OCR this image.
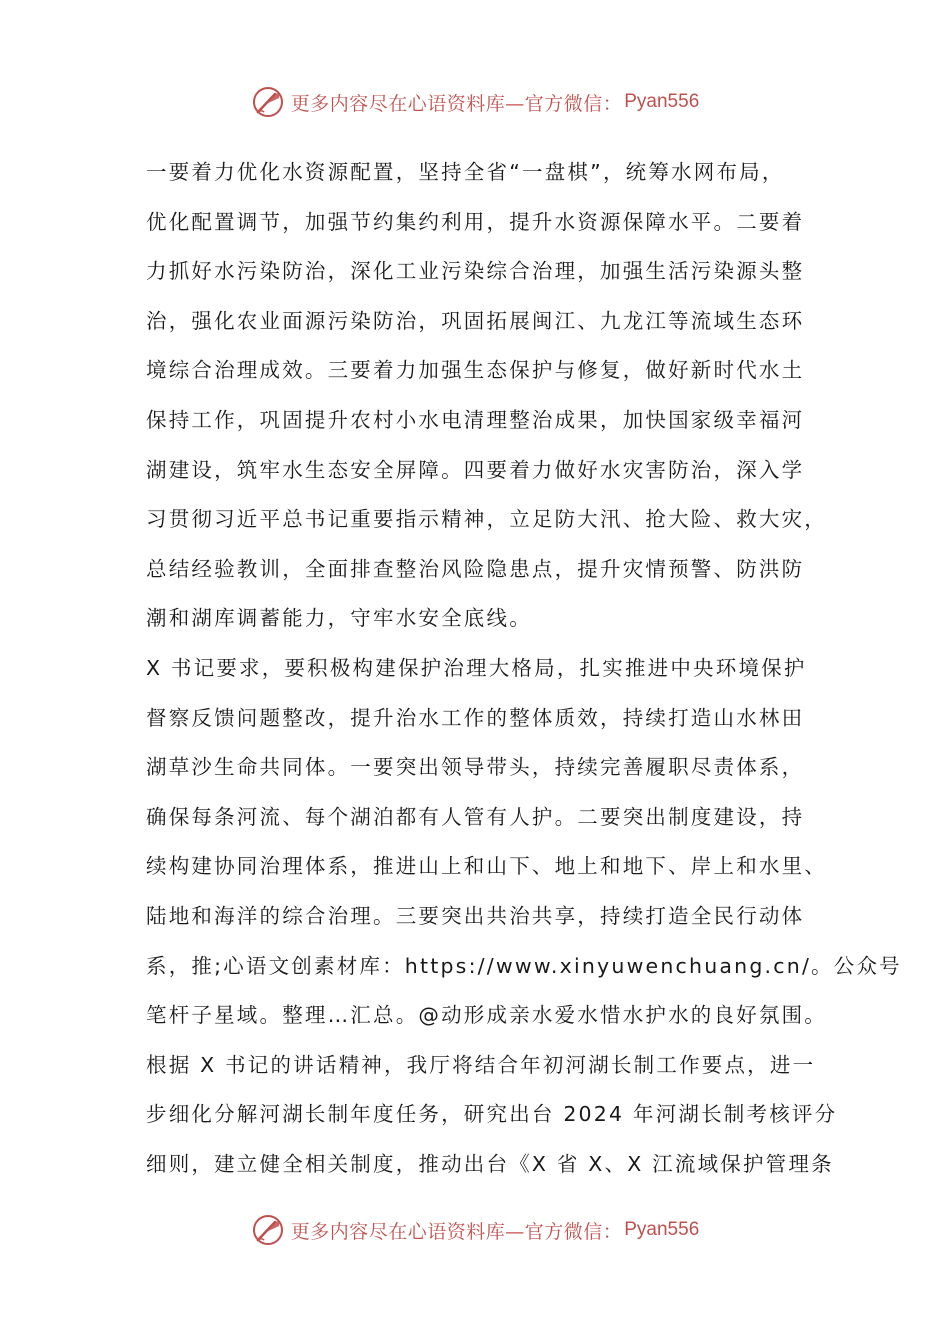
更多内容尽在心语资料库—官方微信： Pyan556
一要着力优化水资源配置，坚持全省“一盘棋”，统筹水网布局，
优化配置调节，加强节约集约利用，提升水资源保障水平。二要着
力抓好水污染防治，深化工业污染综合治理，加强生活污染源头整
治，强化农业面源污染防治，巩固拓展闽江、九龙江等流域生态环
境综合治理成效。三要着力加强生态保护与修复，做好新时代水土
保持工作，巩固提升农村小水电清理整治成果，加快国家级幸福河
湖建设，筑牢水生态安全屏障。四要着力做好水灾害防治，深入学
习贯彻习近平总书记重要指示精神，立足防大汛、抢大险、救大灾，
总结经验教训，全面排查整治风险隐患点，提升灾情预警、防洪防
潮和湖库调蓄能力，守牢水安全底线。
X 书记要求，要积极构建保护治理大格局，扎实推进中央环境保护
督察反馈问题整改，提升治水工作的整体质效，持续打造山水林田
湖草沙生命共同体。一要突出领导带头，持续完善履职尽责体系，
确保每条河流、每个湖泊都有人管有人护。二要突出制度建设，持
续构建协同治理体系，推进山上和山下、地上和地下、岸上和水里、
陆地和海洋的综合治理。三要突出共治共享，持续打造全民行动体
系，推;心语文创素材库：https://www.xinyuwenchuang.cn/。公众号
笔杆子星域。整理…汇总。@动形成亲水爱水惜水护水的良好氛围。
根据 X 书记的讲话精神，我厅将结合年初河湖长制工作要点，进一
步细化分解河湖长制年度任务，研究出台 2024 年河湖长制考核评分
细则，建立健全相关制度，推动出台《X 省 X、X 江流域保护管理条
更多内容尽在心语资料库—官方微信： Pyan556
